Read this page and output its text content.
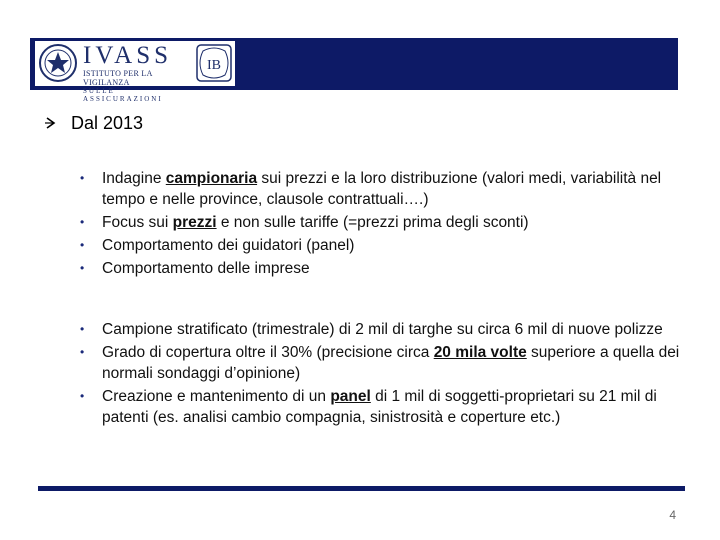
IVASS
ISTITUTO PER LA VIGILANZA
SULLE ASSICURAZIONI
IB
Dal 2013
• Indagine campionaria sui prezzi e la loro distribuzione (valori medi, variabilità nel tempo e nelle province, clausole contrattuali….)
• Focus sui prezzi e non sulle tariffe (=prezzi prima degli sconti)
• Comportamento dei guidatori (panel)
• Comportamento delle imprese
• Campione stratificato (trimestrale) di 2 mil di targhe su circa 6 mil di nuove polizze
• Grado di copertura oltre il 30% (precisione circa 20 mila volte superiore a quella dei normali sondaggi d’opinione)
• Creazione e mantenimento di un panel di 1 mil di soggetti-proprietari su 21 mil di patenti (es. analisi cambio compagnia, sinistrosità e coperture etc.)
4
